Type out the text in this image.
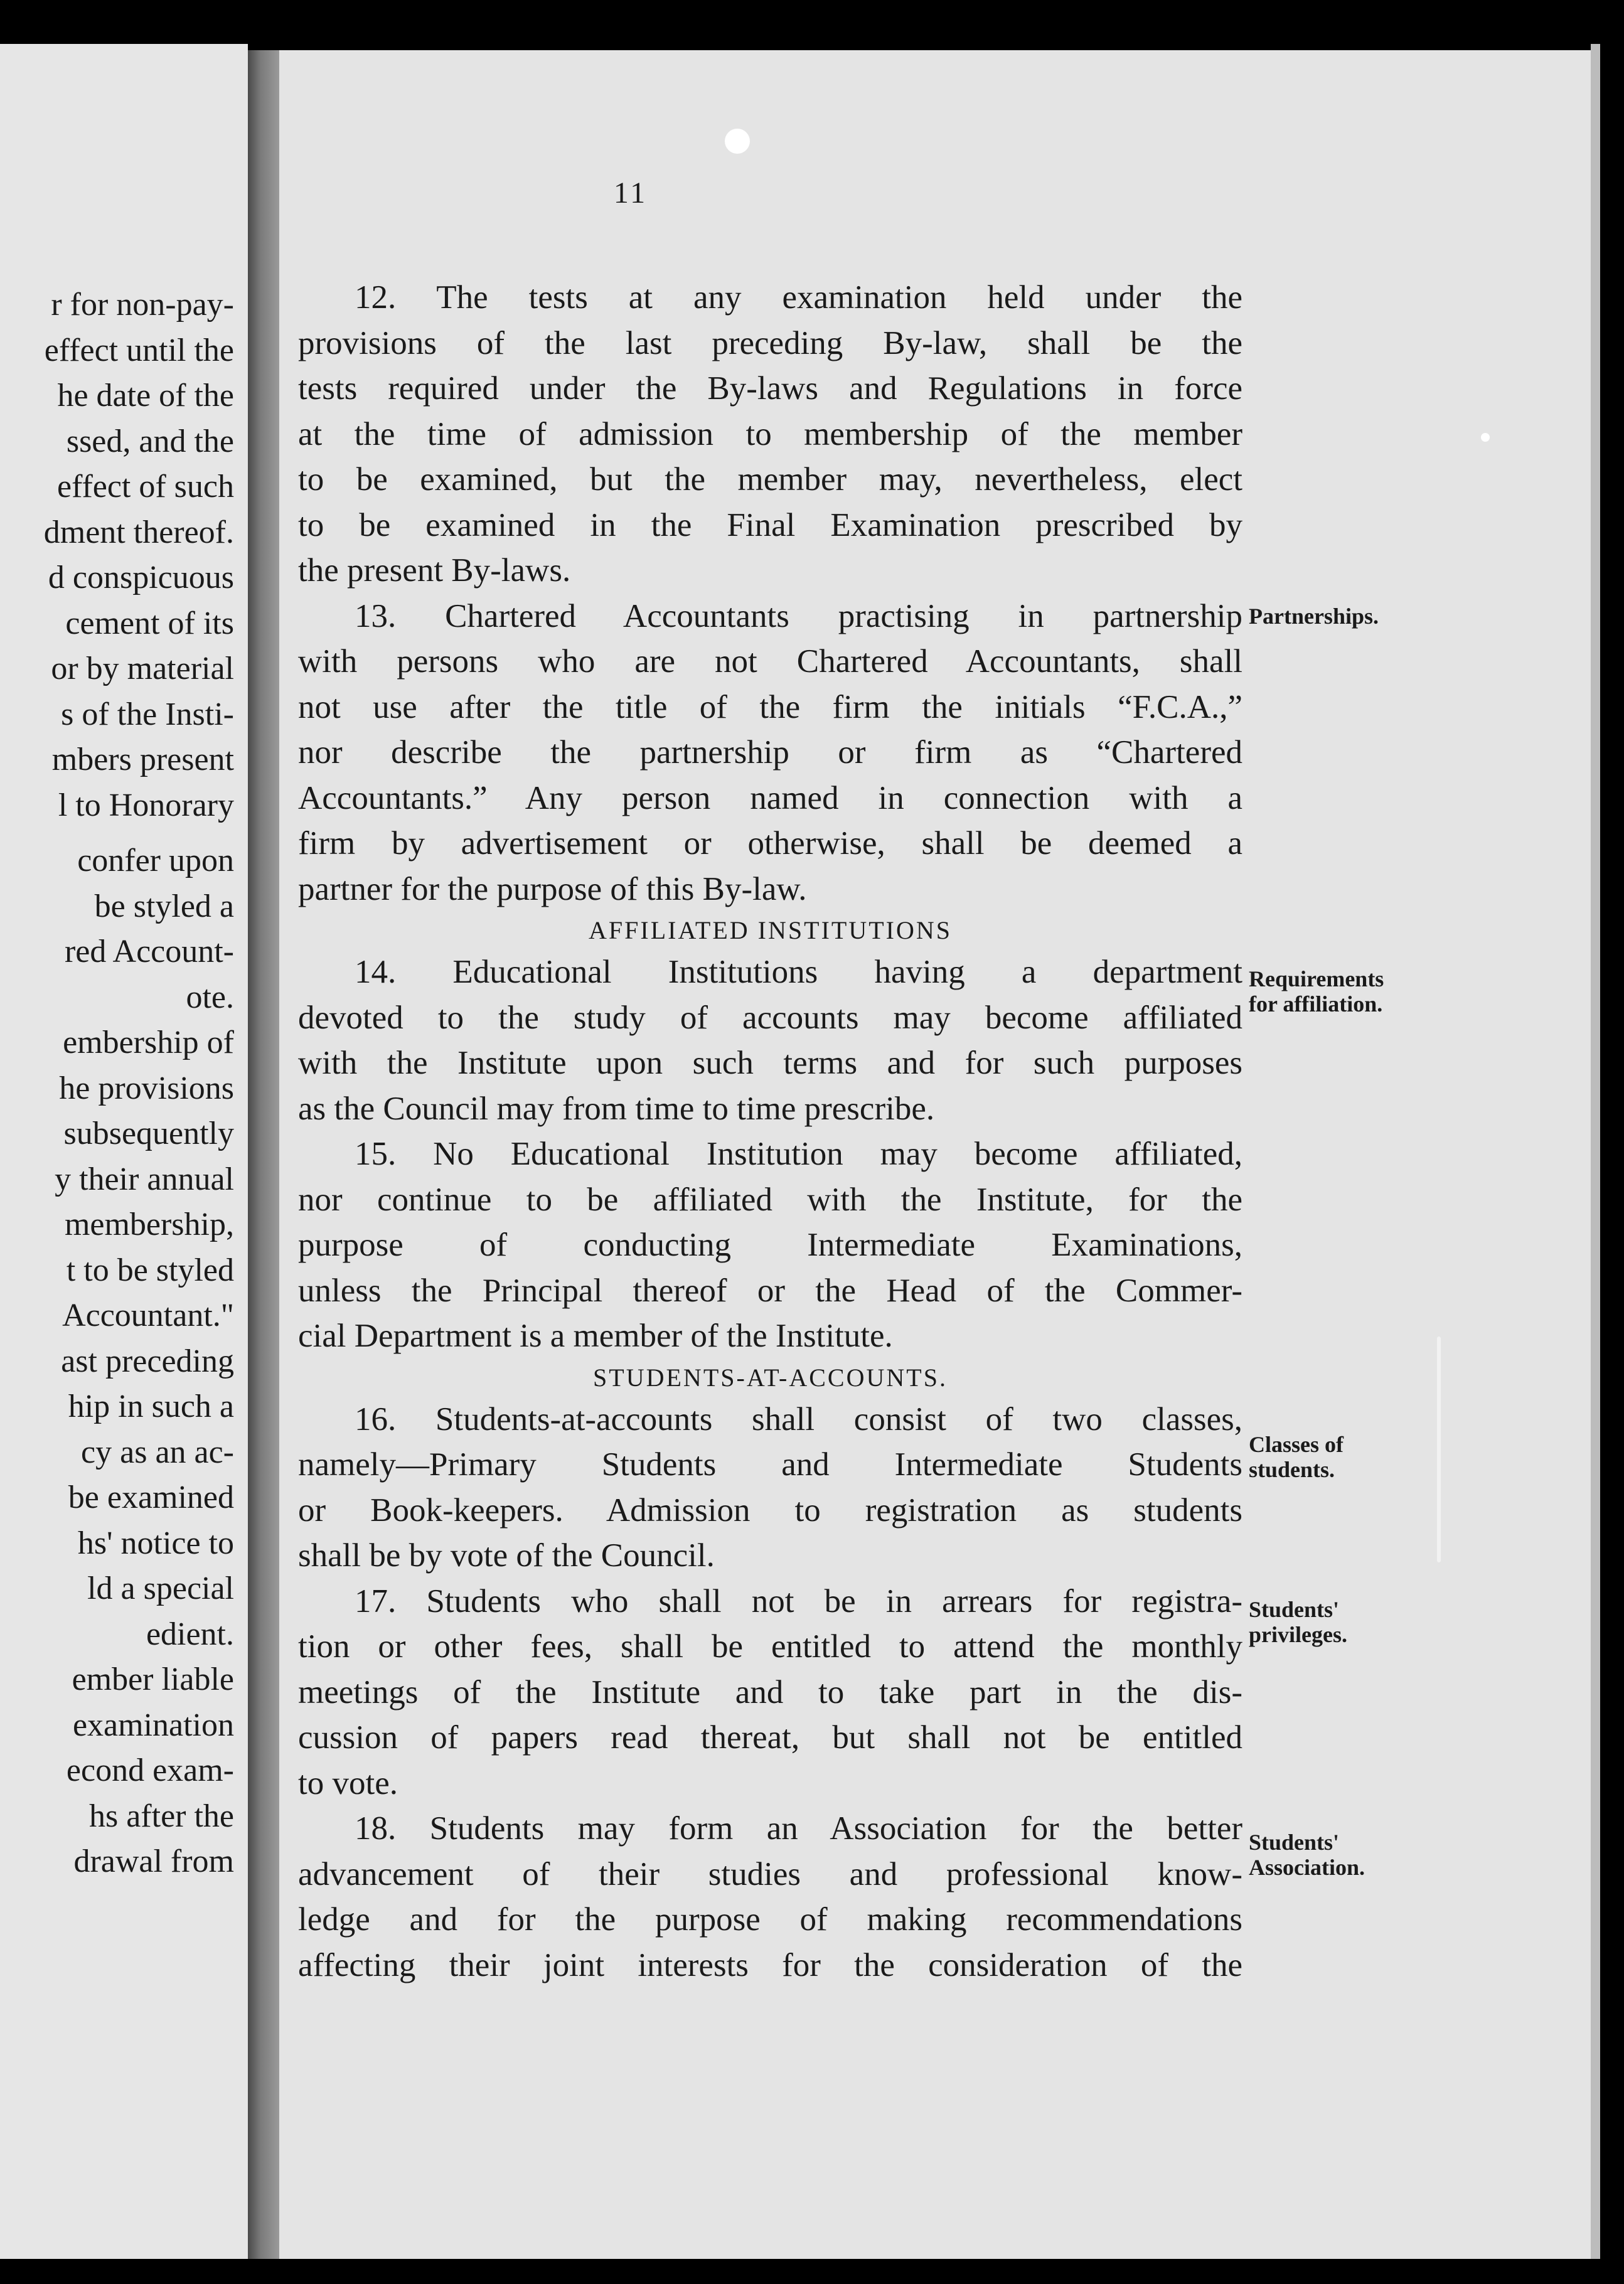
r for non-pay-
effect until the
he date of the
ssed, and the
effect of such
dment thereof.
d conspicuous
cement of its
or by material
s of the Insti-
mbers present
l to Honorary
confer upon
be styled a
red Account-
ote.
embership of
he provisions
subsequently
y their annual
membership,
t to be styled
Accountant."
ast preceding
hip in such a
cy as an ac-
be examined
hs' notice to
ld a special
edient.
ember liable
examination
econd exam-
hs after the
drawal from
11
12. The tests at any examination held under the
provisions of the last preceding By-law, shall be the
tests required under the By-laws and Regulations in force
at the time of admission to membership of the member
to be examined, but the member may, nevertheless, elect
to be examined in the Final Examination prescribed by
the present By-laws.
13. Chartered Accountants practising in partnership
with persons who are not Chartered Accountants, shall
not use after the title of the firm the initials “F.C.A.,”
nor describe the partnership or firm as “Chartered
Accountants.” Any person named in connection with a
firm by advertisement or otherwise, shall be deemed a
partner for the purpose of this By-law.
AFFILIATED INSTITUTIONS
14. Educational Institutions having a department
devoted to the study of accounts may become affiliated
with the Institute upon such terms and for such purposes
as the Council may from time to time prescribe.
15. No Educational Institution may become affiliated,
nor continue to be affiliated with the Institute, for the
purpose of conducting Intermediate Examinations,
unless the Principal thereof or the Head of the Commer-
cial Department is a member of the Institute.
STUDENTS-AT-ACCOUNTS.
16. Students-at-accounts shall consist of two classes,
namely—Primary Students and Intermediate Students
or Book-keepers. Admission to registration as students
shall be by vote of the Council.
17. Students who shall not be in arrears for registra-
tion or other fees, shall be entitled to attend the monthly
meetings of the Institute and to take part in the dis-
cussion of papers read thereat, but shall not be entitled
to vote.
18. Students may form an Association for the better
advancement of their studies and professional know-
ledge and for the purpose of making recommendations
affecting their joint interests for the consideration of the
Partnerships.
Requirements
for affiliation.
Classes of
students.
Students'
privileges.
Students'
Association.
